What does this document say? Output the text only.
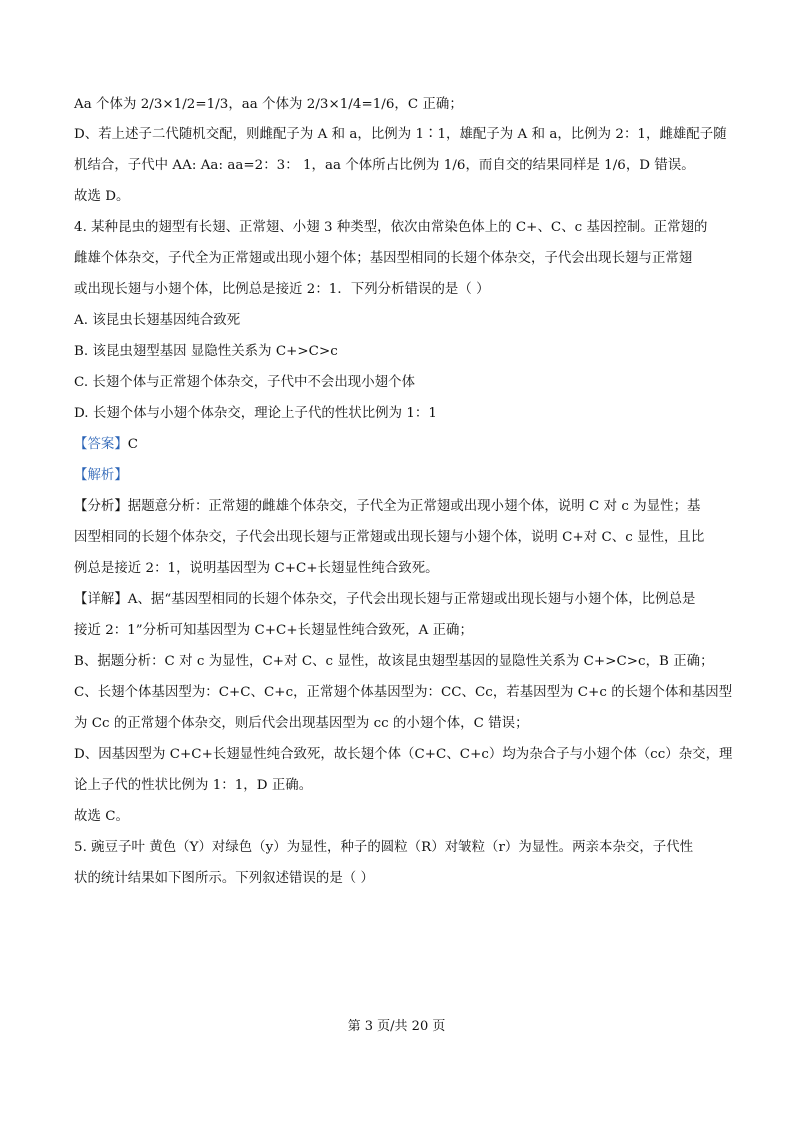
Aa 个体为 2/3×1/2=1/3，aa 个体为 2/3×1/4=1/6，C 正确；
D、若上述子二代随机交配，则雌配子为 A 和 a，比例为 1∶1，雄配子为 A 和 a，比例为 2：1，雌雄配子随
机结合，子代中 AA: Aa: aa=2：3： 1，aa 个体所占比例为 1/6，而自交的结果同样是 1/6，D 错误。
故选 D。
4. 某种昆虫的翅型有长翅、正常翅、小翅 3 种类型，依次由常染色体上的 C+、C、c 基因控制。正常翅的
雌雄个体杂交，子代全为正常翅或出现小翅个体；基因型相同的长翅个体杂交，子代会出现长翅与正常翅
或出现长翅与小翅个体，比例总是接近 2：1．下列分析错误的是（ ）
A. 该昆虫长翅基因纯合致死
B. 该昆虫翅型基因 显隐性关系为 C+>C>c
C. 长翅个体与正常翅个体杂交，子代中不会出现小翅个体
D. 长翅个体与小翅个体杂交，理论上子代的性状比例为 1：1
【答案】C
【解析】
【分析】据题意分析：正常翅的雌雄个体杂交，子代全为正常翅或出现小翅个体，说明 C 对 c 为显性；基
因型相同的长翅个体杂交，子代会出现长翅与正常翅或出现长翅与小翅个体，说明 C+对 C、c 显性，且比
例总是接近 2：1，说明基因型为 C+C+长翅显性纯合致死。
【详解】A、据“基因型相同的长翅个体杂交，子代会出现长翅与正常翅或出现长翅与小翅个体，比例总是
接近 2：1”分析可知基因型为 C+C+长翅显性纯合致死，A 正确；
B、据题分析：C 对 c 为显性，C+对 C、c 显性，故该昆虫翅型基因的显隐性关系为 C+>C>c，B 正确；
C、长翅个体基因型为：C+C、C+c，正常翅个体基因型为：CC、Cc，若基因型为 C+c 的长翅个体和基因型
为 Cc 的正常翅个体杂交，则后代会出现基因型为 cc 的小翅个体，C 错误；
D、因基因型为 C+C+长翅显性纯合致死，故长翅个体（C+C、C+c）均为杂合子与小翅个体（cc）杂交，理
论上子代的性状比例为 1：1，D 正确。
故选 C。
5. 豌豆子叶 黄色（Y）对绿色（y）为显性，种子的圆粒（R）对皱粒（r）为显性。两亲本杂交，子代性
状的统计结果如下图所示。下列叙述错误的是（ ）
第 3 页/共 20 页
